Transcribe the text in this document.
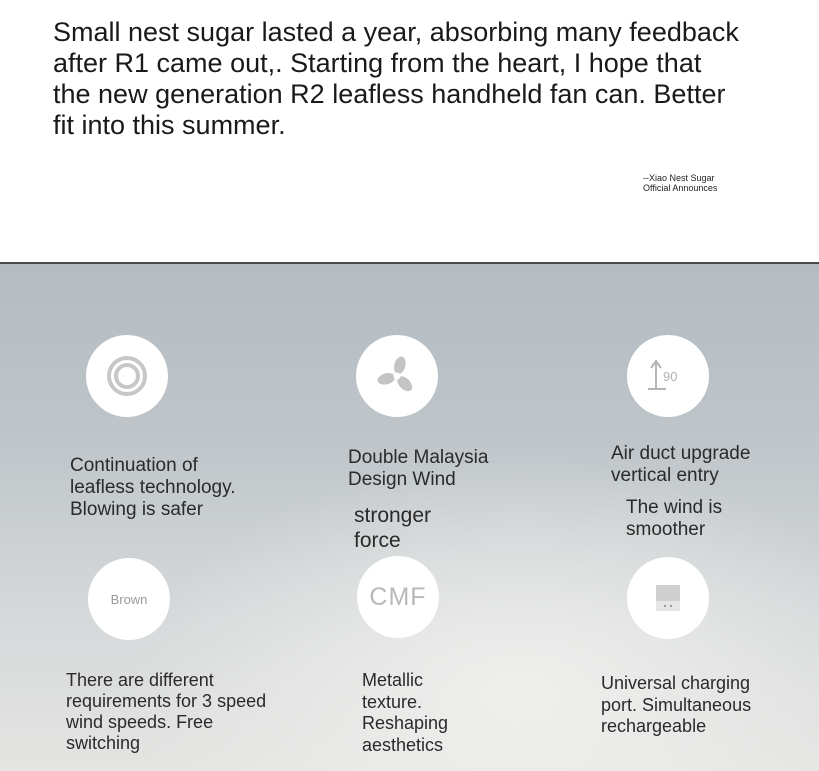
Small nest sugar lasted a year, absorbing many feedback
after R1 came out,. Starting from the heart, I hope that
the new generation R2 leafless handheld fan can. Better
fit into this summer.

--Xiao Nest Sugar
Official Announces
90
Continuation of
leafless technology.
Blowing is safer
Double Malaysia
Design Wind
stronger
force
Air duct upgrade
vertical entry
The wind is
smoother
Brown	CMF
There are different
requirements for 3 speed
wind speeds. Free
switching
Metallic
texture.
Reshaping
aesthetics
Universal charging
port. Simultaneous
rechargeable
